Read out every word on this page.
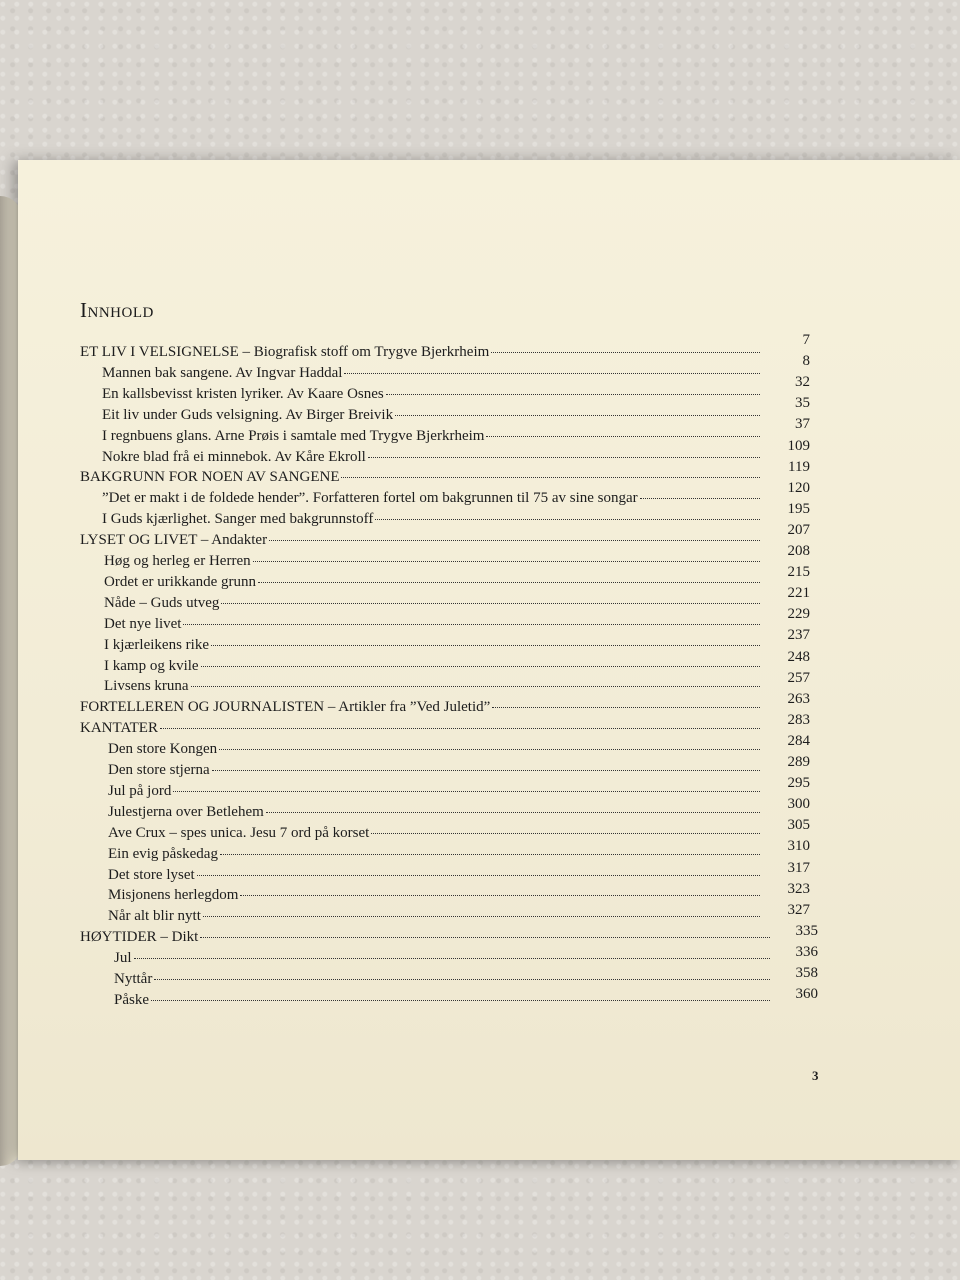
Innhold
ET LIV I VELSIGNELSE – Biografisk stoff om Trygve Bjerkrheim
Mannen bak sangene. Av Ingvar Haddal
En kallsbevisst kristen lyriker. Av Kaare Osnes
Eit liv under Guds velsigning. Av Birger Breivik
I regnbuens glans. Arne Prøis i samtale med Trygve Bjerkrheim
Nokre blad frå ei minnebok. Av Kåre Ekroll
BAKGRUNN FOR NOEN AV SANGENE
”Det er makt i de foldede hender”. Forfatteren fortel om bakgrunnen til 75 av sine songar
I Guds kjærlighet. Sanger med bakgrunnstoff
LYSET OG LIVET – Andakter
Høg og herleg er Herren
Ordet er urikkande grunn
Nåde – Guds utveg
Det nye livet
I kjærleikens rike
I kamp og kvile
Livsens kruna
FORTELLEREN OG JOURNALISTEN – Artikler fra ”Ved Juletid”
KANTATER
Den store Kongen
Den store stjerna
Jul på jord
Julestjerna over Betlehem
Ave Crux – spes unica. Jesu 7 ord på korset
Ein evig påskedag
Det store lyset
Misjonens herlegdom
Når alt blir nytt
HØYTIDER – Dikt
Jul
Nyttår
Påske
7
8
32
35
37
109
119
120
195
207
208
215
221
229
237
248
257
263
283
284
289
295
300
305
310
317
323
327
335
336
358
360
3
